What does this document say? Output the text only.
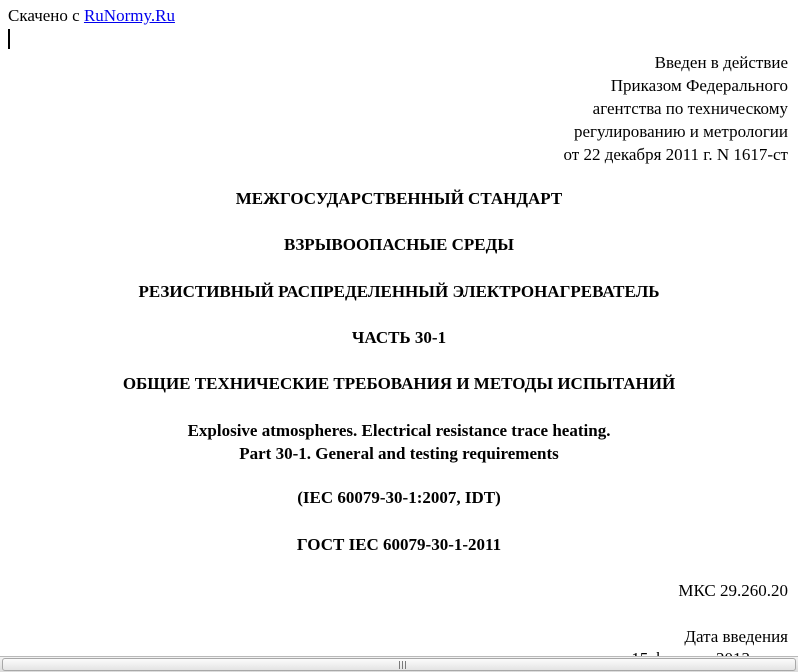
Скачено с RuNormy.Ru
Введен в действие
Приказом Федерального
агентства по техническому
регулированию и метрологии
от 22 декабря 2011 г. N 1617-ст
МЕЖГОСУДАРСТВЕННЫЙ СТАНДАРТ
ВЗРЫВООПАСНЫЕ СРЕДЫ
РЕЗИСТИВНЫЙ РАСПРЕДЕЛЕННЫЙ ЭЛЕКТРОНАГРЕВАТЕЛЬ
ЧАСТЬ 30-1
ОБЩИЕ ТЕХНИЧЕСКИЕ ТРЕБОВАНИЯ И МЕТОДЫ ИСПЫТАНИЙ
Explosive atmospheres. Electrical resistance trace heating.
Part 30-1. General and testing requirements
(IEC 60079-30-1:2007, IDT)
ГОСТ IEC 60079-30-1-2011
МКС 29.260.20
Дата введения
